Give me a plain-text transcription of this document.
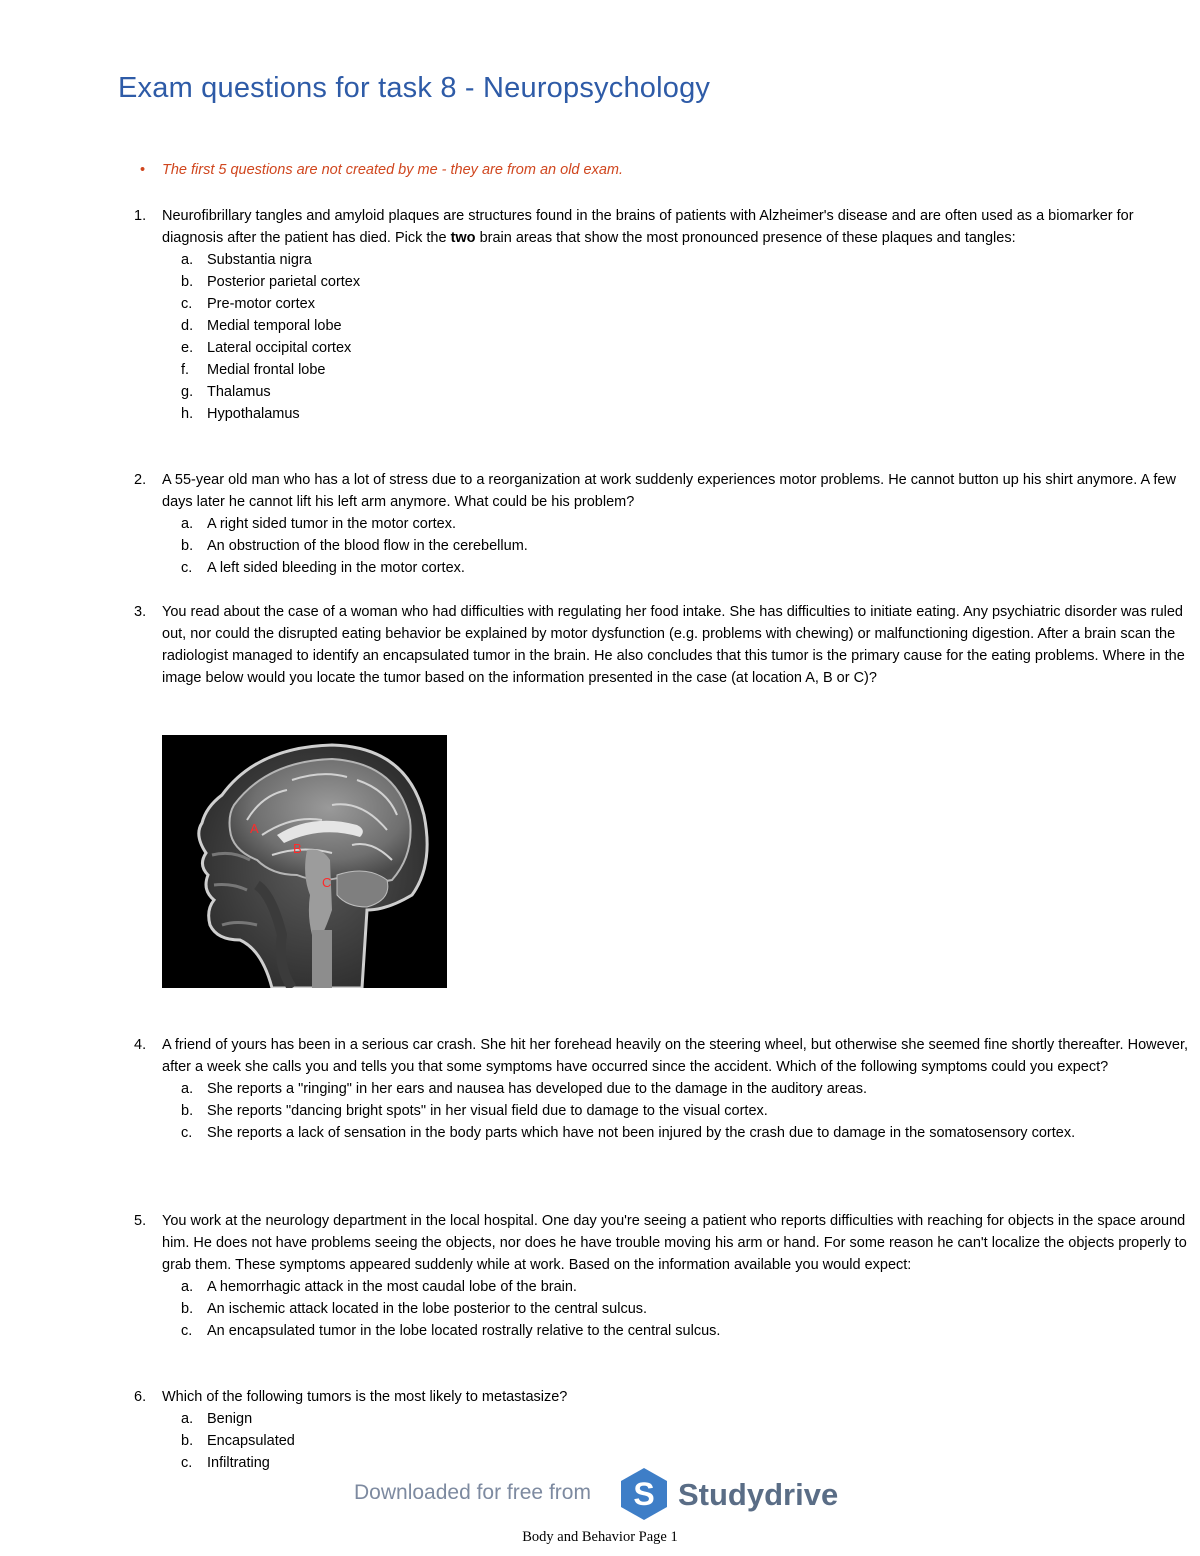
Exam questions for task 8 - Neuropsychology
• The first 5 questions are not created by me - they are from an old exam.
1. Neurofibrillary tangles and amyloid plaques are structures found in the brains of patients with Alzheimer's disease and are often used as a biomarker for diagnosis after the patient has died. Pick the two brain areas that show the most pronounced presence of these plaques and tangles:
a. Substantia nigra
b. Posterior parietal cortex
c. Pre-motor cortex
d. Medial temporal lobe
e. Lateral occipital cortex
f. Medial frontal lobe
g. Thalamus
h. Hypothalamus
2. A 55-year old man who has a lot of stress due to a reorganization at work suddenly experiences motor problems. He cannot button up his shirt anymore. A few days later he cannot lift his left arm anymore. What could be his problem?
a. A right sided tumor in the motor cortex.
b. An obstruction of the blood flow in the cerebellum.
c. A left sided bleeding in the motor cortex.
3. You read about the case of a woman who had difficulties with regulating her food intake. She has difficulties to initiate eating. Any psychiatric disorder was ruled out, nor could the disrupted eating behavior be explained by motor dysfunction (e.g. problems with chewing) or malfunctioning digestion. After a brain scan the radiologist managed to identify an encapsulated tumor in the brain. He also concludes that this tumor is the primary cause for the eating problems. Where in the image below would you locate the tumor based on the information presented in the case (at location A, B or C)?
A
B
C
4. A friend of yours has been in a serious car crash. She hit her forehead heavily on the steering wheel, but otherwise she seemed fine shortly thereafter. However, after a week she calls you and tells you that some symptoms have occurred since the accident. Which of the following symptoms could you expect?
a. She reports a "ringing" in her ears and nausea has developed due to the damage in the auditory areas.
b. She reports "dancing bright spots" in her visual field due to damage to the visual cortex.
c. She reports a lack of sensation in the body parts which have not been injured by the crash due to damage in the somatosensory cortex.
5. You work at the neurology department in the local hospital. One day you're seeing a patient who reports difficulties with reaching for objects in the space around him. He does not have problems seeing the objects, nor does he have trouble moving his arm or hand. For some reason he can't localize the objects properly to grab them. These symptoms appeared suddenly while at work. Based on the information available you would expect:
a. A hemorrhagic attack in the most caudal lobe of the brain.
b. An ischemic attack located in the lobe posterior to the central sulcus.
c. An encapsulated tumor in the lobe located rostrally relative to the central sulcus.
6. Which of the following tumors is the most likely to metastasize?
a. Benign
b. Encapsulated
c. Infiltrating
Downloaded for free from S Studydrive
Body and Behavior Page 1
